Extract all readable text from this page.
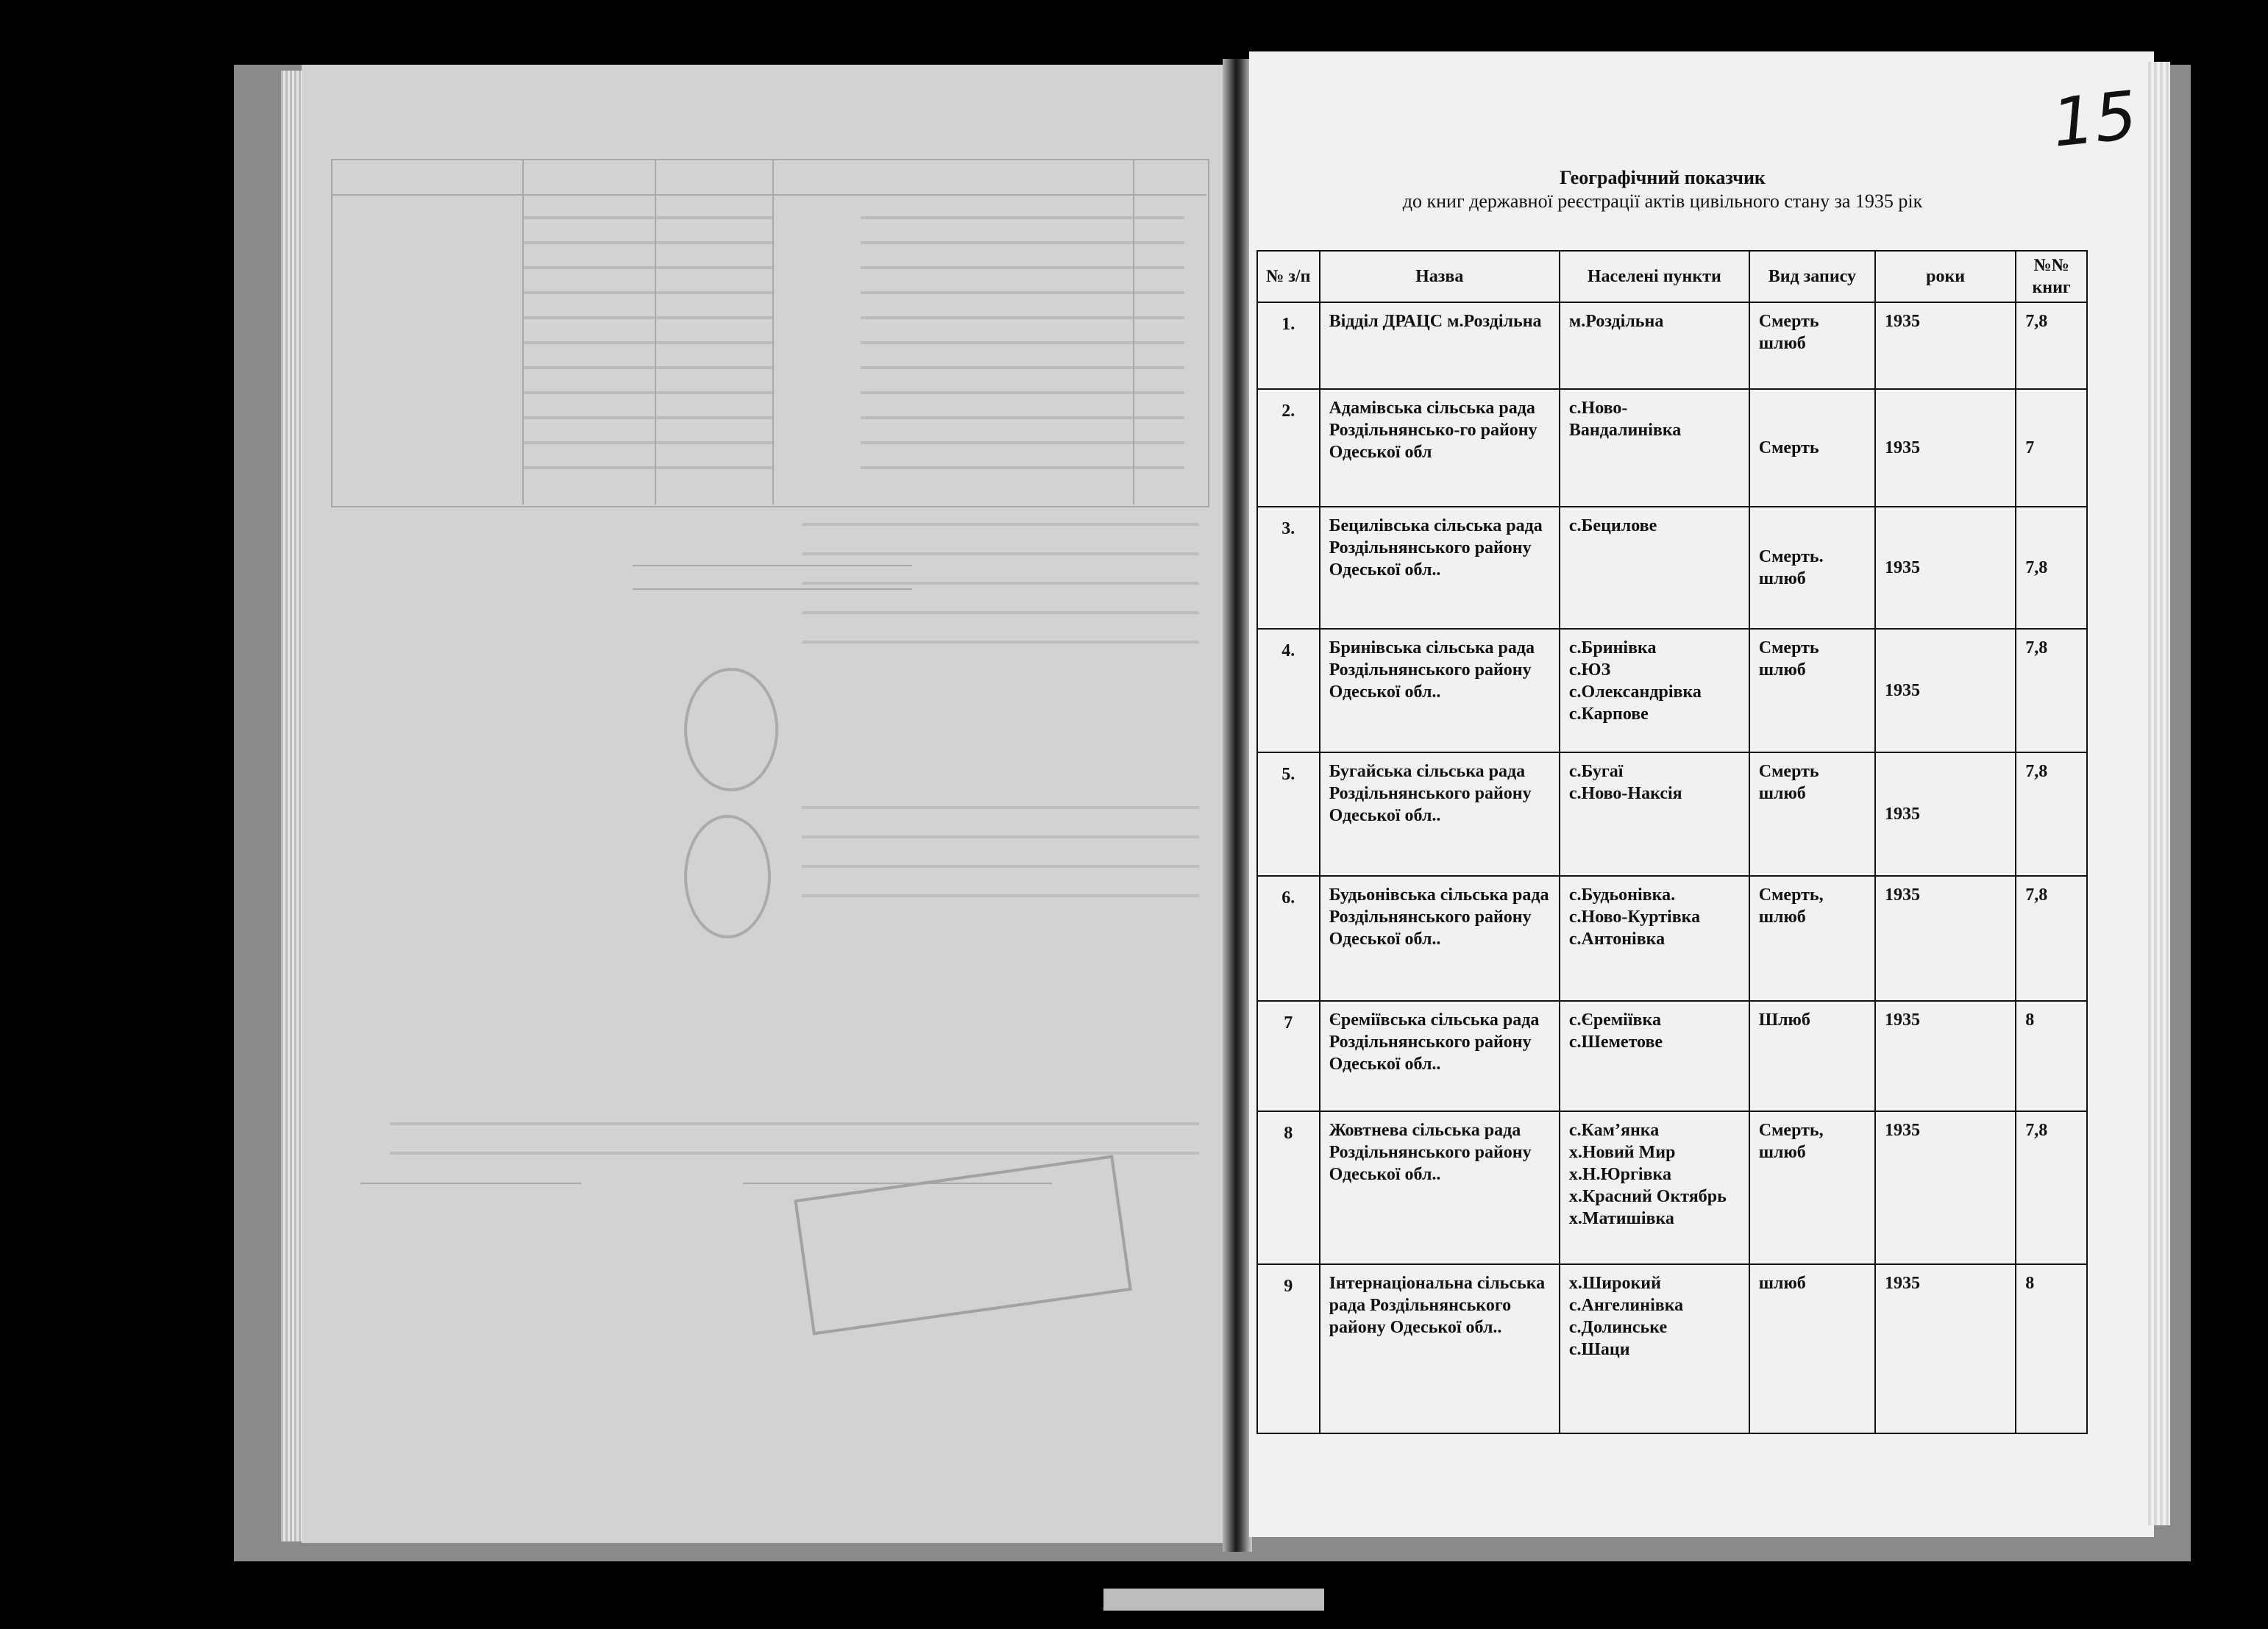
15
Географічний показчик
до книг державної реєстрації актів цивільного стану за 1935 рік
№ з/п	Назва	Населені пункти	Вид запису	роки	№№ книг
1.	Відділ ДРАЦС м.Роздільна	м.Роздільна	Смерть шлюб	1935	7,8
2.	Адамівська сільська рада Роздільнянсько-го району Одеської обл	с.Ново-Вандалинівка	Смерть	1935	7
3.	Бецилівська сільська рада Роздільнянського району Одеської обл..	с.Бецилове	Смерть. шлюб	1935	7,8
4.	Бринівська сільська рада Роздільнянського району Одеської обл..	с.Бринівка
с.ЮЗ
с.Олександрівка
с.Карпове	Смерть шлюб	1935	7,8
5.	Бугайська сільська рада Роздільнянського району Одеської обл..	с.Бугаї
с.Ново-Наксія	Смерть шлюб	1935	7,8
6.	Будьонівська сільська рада Роздільнянського району Одеської обл..	с.Будьонівка.
с.Ново-Куртівка
с.Антонівка	Смерть, шлюб	1935	7,8
7	Єреміївська сільська рада Роздільнянського району Одеської обл..	с.Єреміївка
с.Шеметове	Шлюб	1935	8
8	Жовтнева сільська рада Роздільнянського району Одеської обл..	с.Кам’янка
х.Новий Мир
х.Н.Юргівка
х.Красний Октябрь
х.Матишівка	Смерть, шлюб	1935	7,8
9	Інтернаціональна сільська рада Роздільнянського району Одеської обл..	х.Широкий
с.Ангелинівка
с.Долинське
с.Шаци	шлюб	1935	8
